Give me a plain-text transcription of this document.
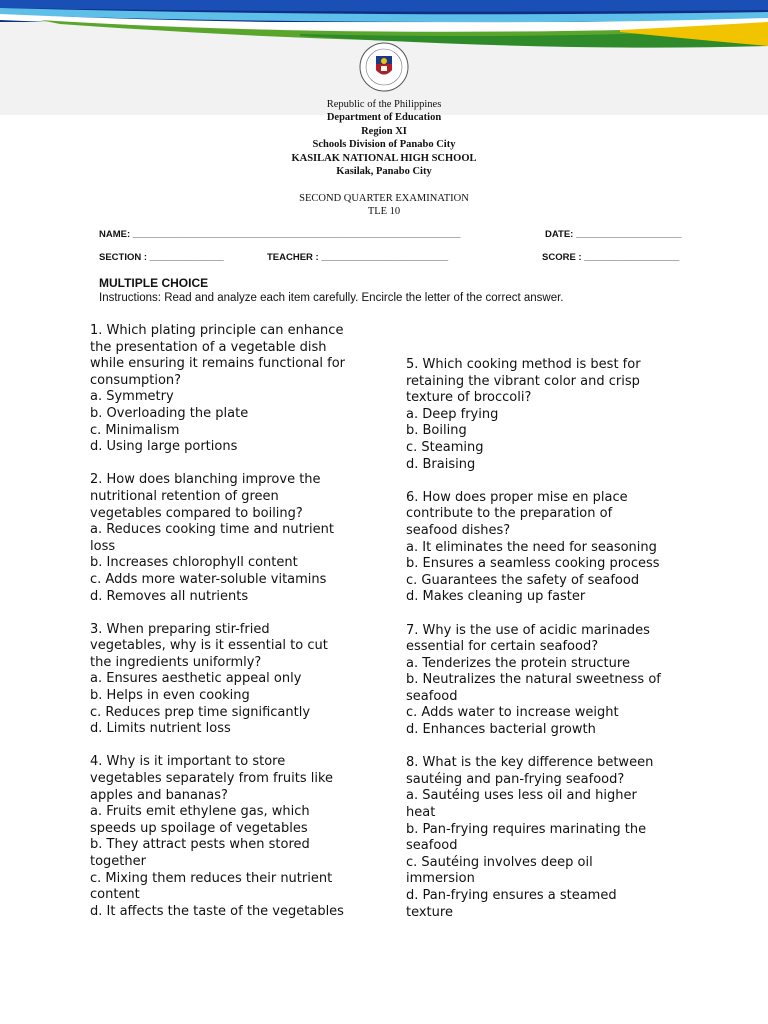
Republic of the Philippines
Department of Education
Region XI
Schools Division of Panabo City
KASILAK NATIONAL HIGH SCHOOL
Kasilak, Panabo City
SECOND QUARTER EXAMINATION
TLE 10
NAME: ______________________________________________________________	DATE: ____________________
SECTION : ______________	TEACHER : ________________________	SCORE : __________________
MULTIPLE CHOICE
Instructions: Read and analyze each item carefully. Encircle the letter of the correct answer.
1. Which plating principle can enhance
the presentation of a vegetable dish
while ensuring it remains functional for
consumption?
a. Symmetry
b. Overloading the plate
c. Minimalism
d. Using large portions
2. How does blanching improve the
nutritional retention of green
vegetables compared to boiling?
a. Reduces cooking time and nutrient
loss
b. Increases chlorophyll content
c. Adds more water-soluble vitamins
d. Removes all nutrients
3. When preparing stir-fried
vegetables, why is it essential to cut
the ingredients uniformly?
a. Ensures aesthetic appeal only
b. Helps in even cooking
c. Reduces prep time significantly
d. Limits nutrient loss
4. Why is it important to store
vegetables separately from fruits like
apples and bananas?
a. Fruits emit ethylene gas, which
speeds up spoilage of vegetables
b. They attract pests when stored
together
c. Mixing them reduces their nutrient
content
d. It affects the taste of the vegetables
5. Which cooking method is best for
retaining the vibrant color and crisp
texture of broccoli?
a. Deep frying
b. Boiling
c. Steaming
d. Braising
6. How does proper mise en place
contribute to the preparation of
seafood dishes?
a. It eliminates the need for seasoning
b. Ensures a seamless cooking process
c. Guarantees the safety of seafood
d. Makes cleaning up faster
7. Why is the use of acidic marinades
essential for certain seafood?
a. Tenderizes the protein structure
b. Neutralizes the natural sweetness of
seafood
c. Adds water to increase weight
d. Enhances bacterial growth
8. What is the key difference between
sautéing and pan-frying seafood?
a. Sautéing uses less oil and higher
heat
b. Pan-frying requires marinating the
seafood
c. Sautéing involves deep oil
immersion
d. Pan-frying ensures a steamed
texture
